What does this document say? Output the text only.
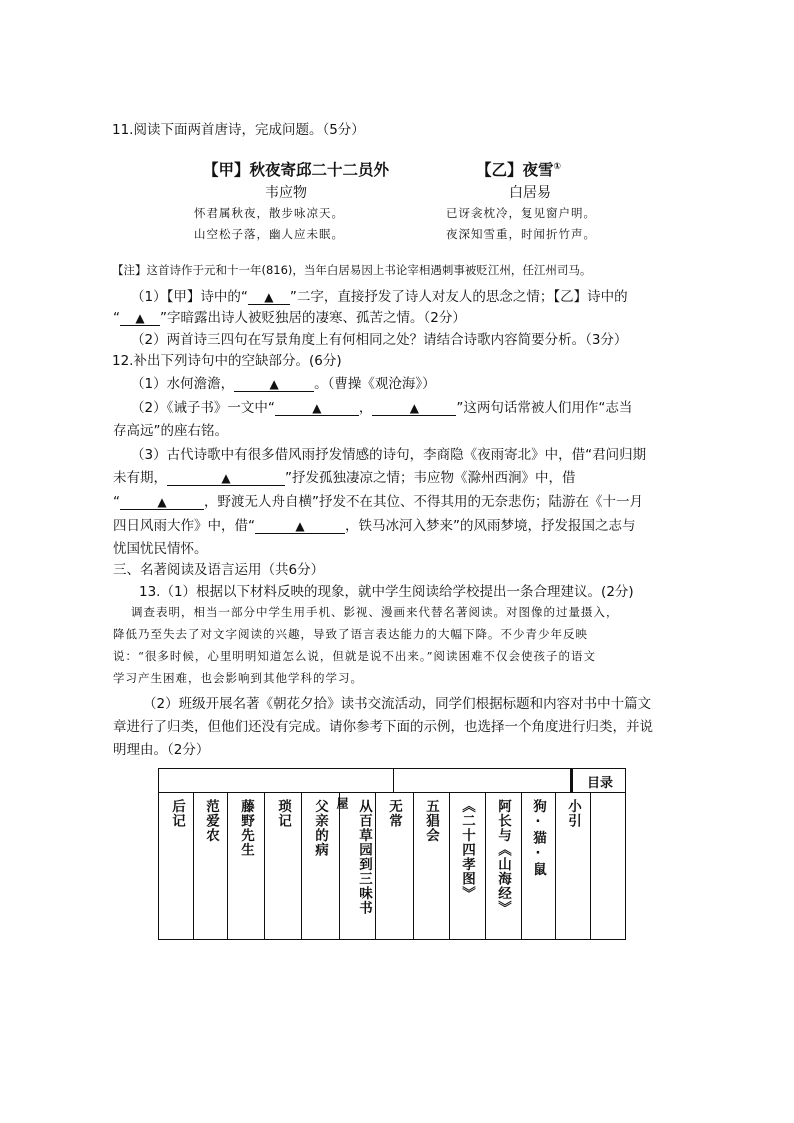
11.阅读下面两首唐诗，完成问题。（5分）
【甲】秋夜寄邱二十二员外
韦应物
怀君属秋夜，散步咏凉天。
山空松子落，幽人应未眠。
【乙】夜雪①
白居易
已讶衾枕冷，复见窗户明。
夜深知雪重，时闻折竹声。
【注】这首诗作于元和十一年(816)，当年白居易因上书论宰相遇刺事被贬江州，任江州司马。
（1）【甲】诗中的“ ▲ ”二字，直接抒发了诗人对友人的思念之情；【乙】诗中的
“ ▲ ”字暗露出诗人被贬独居的凄寒、孤苦之情。（2分）
（2）两首诗三四句在写景角度上有何相同之处？请结合诗歌内容简要分析。（3分）
12.补出下列诗句中的空缺部分。(6分)
（1）水何澹澹，	▲	。（曹操《观沧海》）
（2）《诫子书》一文中“	▲	，	▲	”这两句话常被人们用作“志当
存高远”的座右铭。
（3）古代诗歌中有很多借风雨抒发情感的诗句，李商隐《夜雨寄北》中，借“君问归期
未有期，	▲	”抒发孤独凄凉之情；韦应物《滁州西涧》中，借
“	▲	，野渡无人舟自横”抒发不在其位、不得其用的无奈悲伤；陆游在《十一月
四日风雨大作》中，借“	▲	，铁马冰河入梦来”的风雨梦境，抒发报国之志与
忧国忧民情怀。
三、名著阅读及语言运用（共6分）
13.（1）根据以下材料反映的现象，就中学生阅读给学校提出一条合理建议。(2分)
调查表明，相当一部分中学生用手机、影视、漫画来代替名著阅读。对图像的过量摄入，
降低乃至失去了对文字阅读的兴趣，导致了语言表达能力的大幅下降。不少青少年反映
说：“很多时候，心里明明知道怎么说，但就是说不出来。”阅读困难不仅会使孩子的语文
学习产生困难，也会影响到其他学科的学习。
（2）班级开展名著《朝花夕拾》读书交流活动，同学们根据标题和内容对书中十篇文
章进行了归类，但他们还没有完成。请你参考下面的示例，也选择一个角度进行归类，并说
明理由。（2分）
目录
后记 范爱农 藤野先生 琐记 父亲的病 屋 从百草园到三味书 无常 五猖会 《二十四孝图》 阿长与《山海经》 狗·猫·鼠 小引
